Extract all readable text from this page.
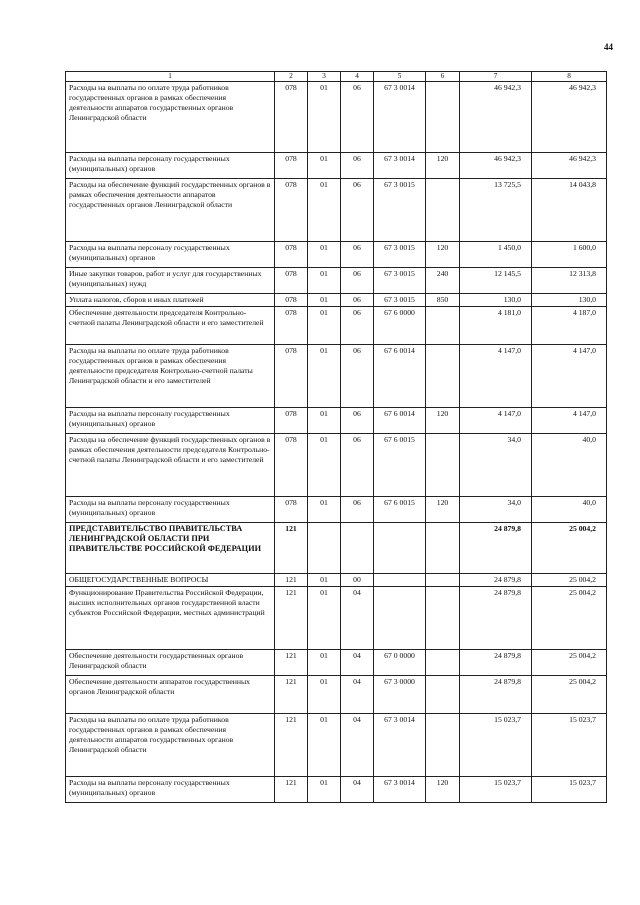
44
1	2	3	4	5	6	7	8
Расходы на выплаты по оплате труда работников государственных органов в рамках обеспечения деятельности аппаратов государственных органов Ленинградской области	078	01	06	67 3 0014		46 942,3	46 942,3
Расходы на выплаты персоналу государственных (муниципальных) органов	078	01	06	67 3 0014	120	46 942,3	46 942,3
Расходы на обеспечение функций государственных органов в рамках обеспечения деятельности аппаратов государственных органов Ленинградской области	078	01	06	67 3 0015		13 725,5	14 043,8
Расходы на выплаты персоналу государственных (муниципальных) органов	078	01	06	67 3 0015	120	1 450,0	1 600,0
Иные закупки товаров, работ и услуг для государственных (муниципальных) нужд	078	01	06	67 3 0015	240	12 145,5	12 313,8
Уплата налогов, сборов и иных платежей	078	01	06	67 3 0015	850	130,0	130,0
Обеспечение деятельности председателя Контрольно-счетной палаты Ленинградской области и его заместителей	078	01	06	67 6 0000		4 181,0	4 187,0
Расходы на выплаты по оплате труда работников государственных органов в рамках обеспечения деятельности председателя Контрольно-счетной палаты Ленинградской области и его заместителей	078	01	06	67 6 0014		4 147,0	4 147,0
Расходы на выплаты персоналу государственных (муниципальных) органов	078	01	06	67 6 0014	120	4 147,0	4 147,0
Расходы на обеспечение функций государственных органов в рамках обеспечения деятельности председателя Контрольно-счетной палаты Ленинградской области и его заместителей	078	01	06	67 6 0015		34,0	40,0
Расходы на выплаты персоналу государственных (муниципальных) органов	078	01	06	67 6 0015	120	34,0	40,0
ПРЕДСТАВИТЕЛЬСТВО ПРАВИТЕЛЬСТВА ЛЕНИНГРАДСКОЙ ОБЛАСТИ ПРИ ПРАВИТЕЛЬСТВЕ РОССИЙСКОЙ ФЕДЕРАЦИИ	121					24 879,8	25 004,2
ОБЩЕГОСУДАРСТВЕННЫЕ ВОПРОСЫ	121	01	00			24 879,8	25 004,2
Функционирование Правительства Российской Федерации, высших исполнительных органов государственной власти субъектов Российской Федерации, местных администраций	121	01	04			24 879,8	25 004,2
Обеспечение деятельности государственных органов Ленинградской области	121	01	04	67 0 0000		24 879,8	25 004,2
Обеспечение деятельности аппаратов государственных органов Ленинградской области	121	01	04	67 3 0000		24 879,8	25 004,2
Расходы на выплаты по оплате труда работников государственных органов в рамках обеспечения деятельности аппаратов государственных органов Ленинградской области	121	01	04	67 3 0014		15 023,7	15 023,7
Расходы на выплаты персоналу государственных (муниципальных) органов	121	01	04	67 3 0014	120	15 023,7	15 023,7
